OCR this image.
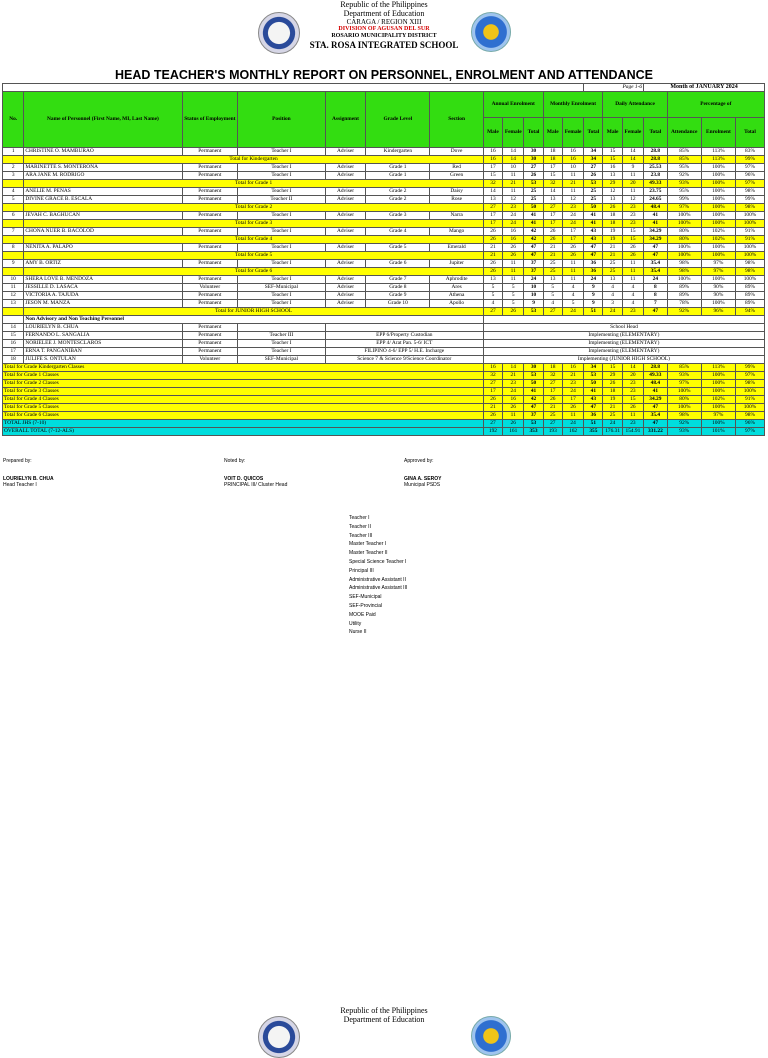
Republic of the Philippines
Department of Education
CARAGA / REGION XIII
DIVISION OF AGUSAN DEL SUR
ROSARIO MUNICIPALITY DISTRICT
STA. ROSA INTEGRATED SCHOOL
HEAD TEACHER'S MONTHLY REPORT ON PERSONNEL, ENROLMENT AND ATTENDANCE
												Page 1-6			Month of JANUARY 2024			
No.	Name of Personnel (First Name, MI, Last Name)	Status of Employment	Position	Assignment	Grade Level	Section	Annual Enrolment			Monthly Enrolment			Daily Attendance			Percentage of		
							Male	Female	Total	Male	Female	Total	Male	Female	Total	Attendance	Enrolment	Total
1	CHRISTINE O. MAMBURAO	Permanent	Teacher I	Adviser	Kindergarten	Dove	16	14	30	18	16	34	15	14	28.8	85%	113%	83%
	Total for Kindergarten						16	14	30	18	16	34	15	14	28.8	85%	113%	99%
2	MARINETTE S. MONTERONA	Permanent	Teacher I	Adviser	Grade 1	Red	17	10	27	17	10	27	16	9	25.53	95%	100%	97%
3	ARA JANE M. RODRIGO	Permanent	Teacher I	Adviser	Grade 1	Green	15	11	26	15	11	26	13	11	23.8	92%	100%	96%
	Total for Grade 1						32	21	53	32	21	53	29	20	49.33	93%	100%	97%
4	ANELIE M. PENAS	Permanent	Teacher I	Adviser	Grade 2	Daisy	14	11	25	14	11	25	12	11	23.75	95%	100%	98%
5	DIVINE GRACE B. ESCALA	Permanent	Teacher II	Adviser	Grade 2	Rose	13	12	25	13	12	25	13	12	24.65	99%	100%	99%
	Total for Grade 2						27	23	50	27	23	50	26	23	48.4	97%	100%	98%
6	JEVAH C. BAGHUCAN	Permanent	Teacher I	Adviser	Grade 3	Narra	17	24	41	17	24	41	18	23	41	100%	100%	100%
	Total for Grade 3						17	24	41	17	24	41	18	23	41	100%	100%	100%
7	CHONA NUER B. BACOLOD	Permanent	Teacher I	Adviser	Grade 4	Mango	26	16	42	26	17	43	19	15	34.29	80%	102%	91%
	Total for Grade 4						26	16	42	26	17	43	19	15	34.29	80%	102%	91%
8	NENITA A. PALAPO	Permanent	Teacher I	Adviser	Grade 5	Emerald	21	26	47	21	26	47	21	26	47	100%	100%	100%
	Total for Grade 5						21	26	47	21	26	47	21	26	47	100%	100%	100%
9	AMY B. ORTIZ	Permanent	Teacher I	Adviser	Grade 6	Jupiter	26	11	37	25	11	36	25	11	35.4	98%	97%	98%
	Total for Grade 6						26	11	37	25	11	36	25	11	35.4	98%	97%	98%
10	SHERA LOVE B. MENDOZA	Permanent	Teacher I	Adviser	Grade 7	Aphrodite	13	11	24	13	11	24	13	11	24	100%	100%	100%
11	JESSILLE D. LASACA	Volunteer	SEF-Municipal	Adviser	Grade 8	Ares	5	5	10	5	4	9	4	4	8	89%	90%	89%
12	VICTORIA A. TAJUDA	Permanent	Teacher I	Adviser	Grade 9	Athena	5	5	10	5	4	9	4	4	8	89%	90%	89%
13	JESON M. MANZA	Permanent	Teacher I	Adviser	Grade 10	Apollo	4	5	9	4	5	9	3	4	7	78%	100%	89%
	Total for JUNIOR HIGH SCHOOL						27	26	53	27	24	51	24	23	47	92%	96%	94%
	Non Advisory and Non Teaching Personnel																	
14	LOURIELYN B. CHUA	Permanent					School Head											
15	FERNANDO L. SANGALIA	Permanent	Teacher III	EPP 6/Property Custodian			Implementing (ELEMENTARY)											
16	NORIELEE J. MONTESCLAROS	Permanent	Teacher I	EPP 4/ Arat Pan. 5-6/ ICT			Implementing (ELEMENTARY)											
17	ERNA T. PANGANIBAN	Permanent	Teacher I	FILIPINO 4-6/ EPP 5/ H.E. Incharge			Implementing (ELEMENTARY)											
18	JULIFE S. ONTULAN	Volunteer	SEF-Municipal	Science 7 & Science 9/Science Coordinator			Implementing (JUNIOR HIGH SCHOOL)											
Total for Grade Kindergarten Classes							16	14	30	18	16	34	15	14	28.8	85%	113%	99%
Total for Grade 1 Classes							32	21	53	32	21	53	29	20	49.33	93%	100%	97%
Total for Grade 2 Classes							27	23	50	27	23	50	26	23	48.4	97%	100%	98%
Total for Grade 3 Classes							17	24	41	17	24	41	18	23	41	100%	100%	100%
Total for Grade 4 Classes							26	16	42	26	17	43	19	15	34.29	80%	102%	91%
Total for Grade 5 Classes							21	26	47	21	26	47	21	26	47	100%	100%	100%
Total for Grade 6 Classes							26	11	37	25	11	36	25	11	35.4	98%	97%	98%
TOTAL JHS (7-10)							27	26	53	27	24	51	24	23	47	92%	100%	96%
OVERALL TOTAL (7-12-ALS)							192	161	353	193	162	355	176.31	154.91	331.22	93%	101%	97%
Prepared by:
LOURIELYN B. CHUA
Head Teacher I
Noted by:
VOIT D. QUICOS
PRINCIPAL III/ Cluster Head
Approved by:
GINA A. SEROY
Municipal PSDS
Teacher I
Teacher II
Teacher III
Master Teacher I
Master Teacher II
Special Science Teacher I
Principal III
Administrative Assistant II
Administrative Assistant III
SEF-Municipal
SEF-Provincial
MOOE Paid
Utility
Nurse II
Republic of the Philippines
Department of Education
